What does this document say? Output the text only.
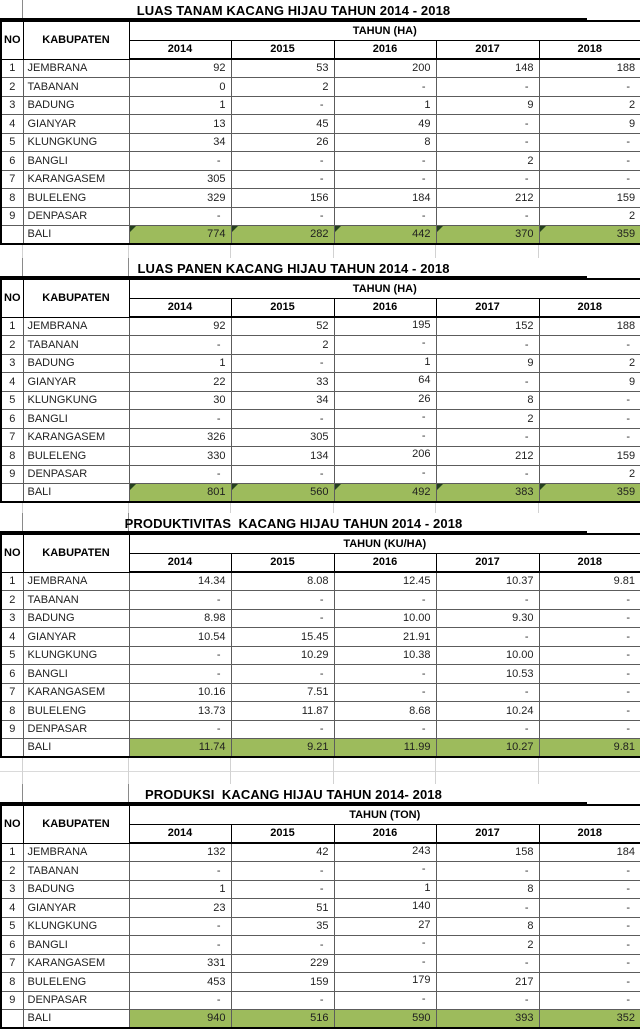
LUAS TANAM KACANG HIJAU TAHUN 2014 - 2018
NO	KABUPATEN	TAHUN (HA)				
		2014	2015	2016	2017	2018
1	JEMBRANA	92	53	200	148	188
2	TABANAN	0	2	-	-	-
3	BADUNG	1	-	1	9	2
4	GIANYAR	13	45	49	-	9
5	KLUNGKUNG	34	26	8	-	-
6	BANGLI	-	-	-	2	-
7	KARANGASEM	305	-	-	-	-
8	BULELENG	329	156	184	212	159
9	DENPASAR	-	-	-	-	2
	BALI	774	282	442	370	359
LUAS PANEN KACANG HIJAU TAHUN 2014 - 2018
NO	KABUPATEN	TAHUN (HA)				
		2014	2015	2016	2017	2018
1	JEMBRANA	92	52	195	152	188
2	TABANAN	-	2	-	-	-
3	BADUNG	1	-	1	9	2
4	GIANYAR	22	33	64	-	9
5	KLUNGKUNG	30	34	26	8	-
6	BANGLI	-	-	-	2	-
7	KARANGASEM	326	305	-	-	-
8	BULELENG	330	134	206	212	159
9	DENPASAR	-	-	-	-	2
	BALI	801	560	492	383	359
PRODUKTIVITAS  KACANG HIJAU TAHUN 2014 - 2018
NO	KABUPATEN	TAHUN (KU/HA)				
		2014	2015	2016	2017	2018
1	JEMBRANA	14.34	8.08	12.45	10.37	9.81
2	TABANAN	-	-	-	-	-
3	BADUNG	8.98	-	10.00	9.30	-
4	GIANYAR	10.54	15.45	21.91	-	-
5	KLUNGKUNG	-	10.29	10.38	10.00	-
6	BANGLI	-	-	-	10.53	-
7	KARANGASEM	10.16	7.51	-	-	-
8	BULELENG	13.73	11.87	8.68	10.24	-
9	DENPASAR	-	-	-	-	-
	BALI	11.74	9.21	11.99	10.27	9.81
PRODUKSI  KACANG HIJAU TAHUN 2014- 2018
NO	KABUPATEN	TAHUN (TON)				
		2014	2015	2016	2017	2018
1	JEMBRANA	132	42	243	158	184
2	TABANAN	-	-	-	-	-
3	BADUNG	1	-	1	8	-
4	GIANYAR	23	51	140	-	-
5	KLUNGKUNG	-	35	27	8	-
6	BANGLI	-	-	-	2	-
7	KARANGASEM	331	229	-	-	-
8	BULELENG	453	159	179	217	-
9	DENPASAR	-	-	-	-	-
	BALI	940	516	590	393	352
